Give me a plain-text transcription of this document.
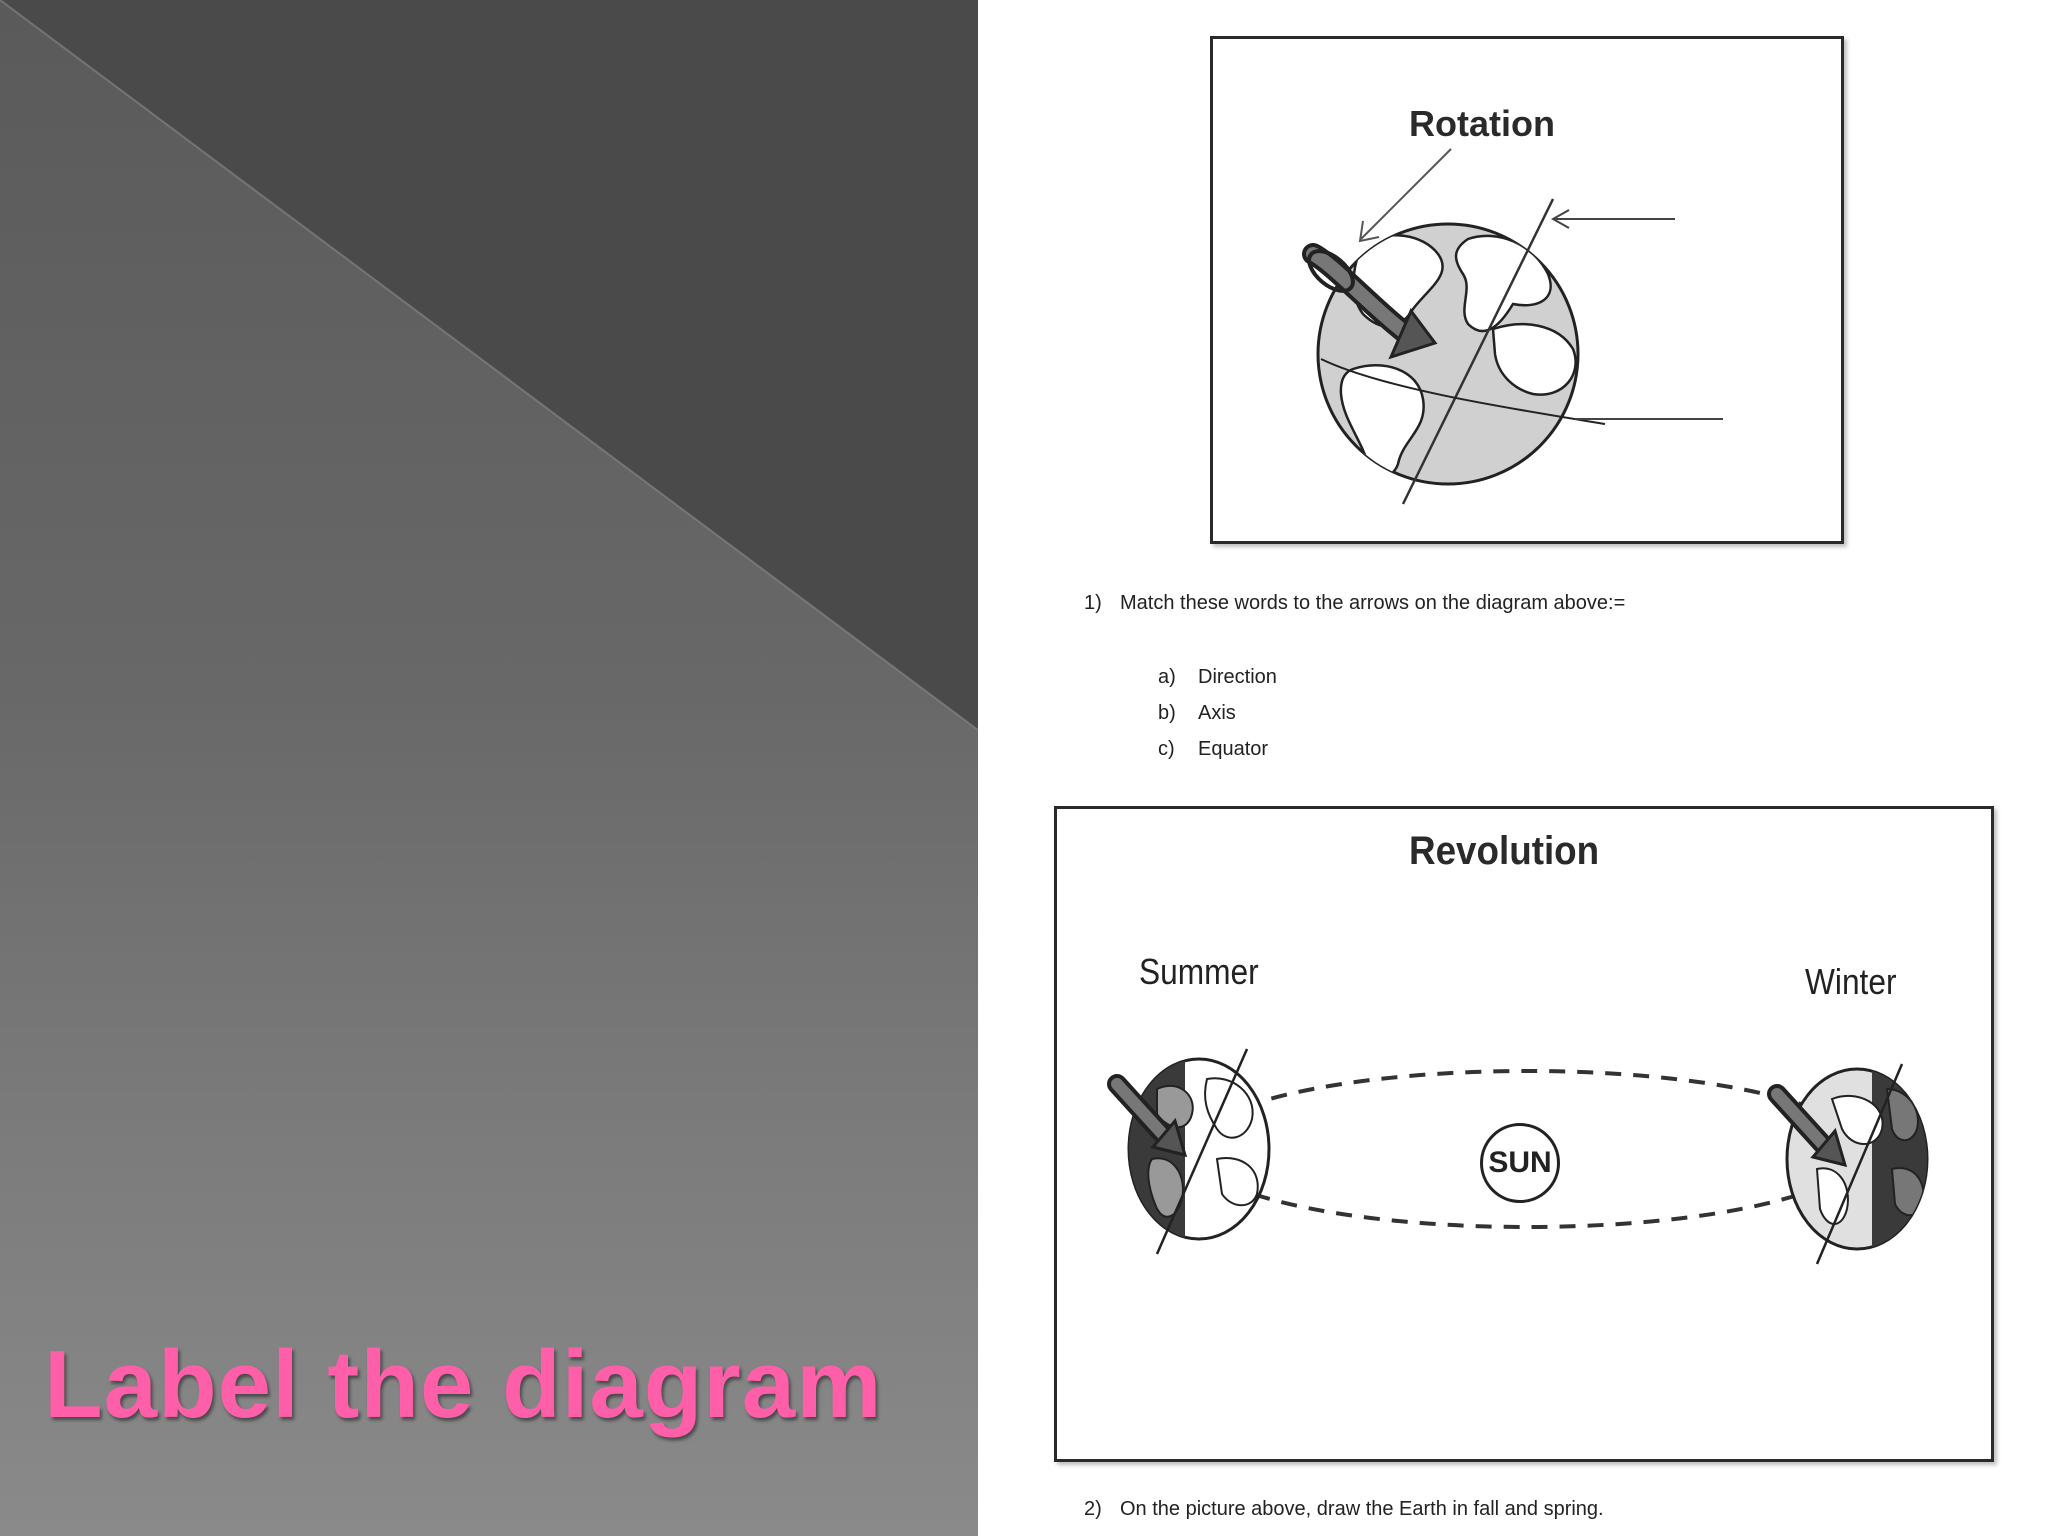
Label the diagram
Rotation
1) Match these words to the arrows on the diagram above:=
a) Direction
b) Axis
c) Equator
Revolution
Summer	Winter
SUN
2) On the picture above, draw the Earth in fall and spring.
